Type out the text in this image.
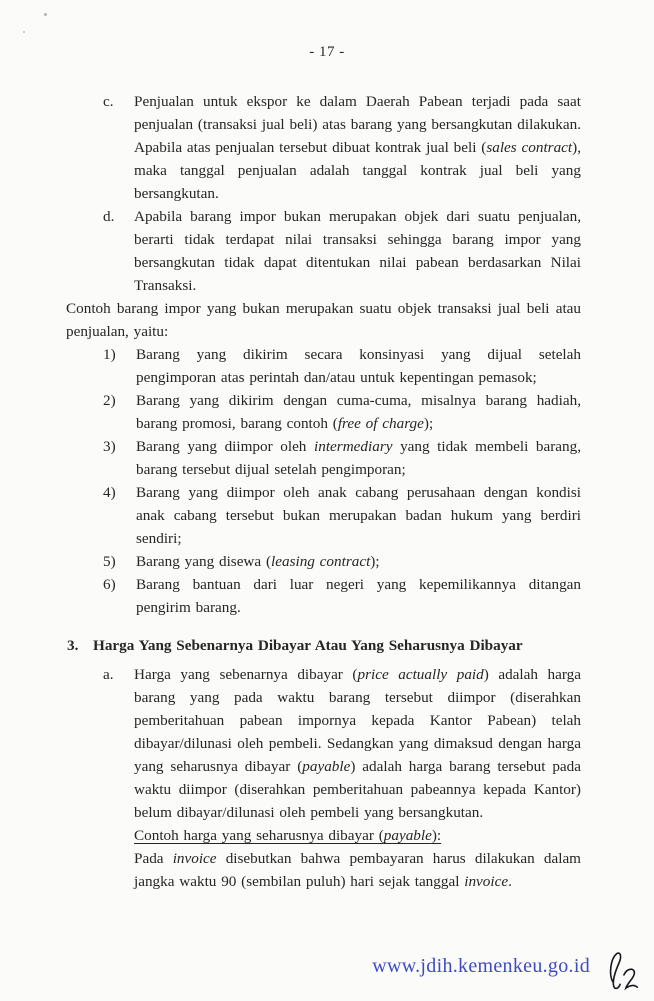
- 17 -
c. Penjualan untuk ekspor ke dalam Daerah Pabean terjadi pada saat penjualan (transaksi jual beli) atas barang yang bersangkutan dilakukan. Apabila atas penjualan tersebut dibuat kontrak jual beli (sales contract), maka tanggal penjualan adalah tanggal kontrak jual beli yang bersangkutan.
d. Apabila barang impor bukan merupakan objek dari suatu penjualan, berarti tidak terdapat nilai transaksi sehingga barang impor yang bersangkutan tidak dapat ditentukan nilai pabean berdasarkan Nilai Transaksi.
Contoh barang impor yang bukan merupakan suatu objek transaksi jual beli atau penjualan, yaitu:
1) Barang yang dikirim secara konsinyasi yang dijual setelah pengimporan atas perintah dan/atau untuk kepentingan pemasok;
2) Barang yang dikirim dengan cuma-cuma, misalnya barang hadiah, barang promosi, barang contoh (free of charge);
3) Barang yang diimpor oleh intermediary yang tidak membeli barang, barang tersebut dijual setelah pengimporan;
4) Barang yang diimpor oleh anak cabang perusahaan dengan kondisi anak cabang tersebut bukan merupakan badan hukum yang berdiri sendiri;
5) Barang yang disewa (leasing contract);
6) Barang bantuan dari luar negeri yang kepemilikannya ditangan pengirim barang.
3. Harga Yang Sebenarnya Dibayar Atau Yang Seharusnya Dibayar
a. Harga yang sebenarnya dibayar (price actually paid) adalah harga barang yang pada waktu barang tersebut diimpor (diserahkan pemberitahuan pabean impornya kepada Kantor Pabean) telah dibayar/dilunasi oleh pembeli. Sedangkan yang dimaksud dengan harga yang seharusnya dibayar (payable) adalah harga barang tersebut pada waktu diimpor (diserahkan pemberitahuan pabeannya kepada Kantor) belum dibayar/dilunasi oleh pembeli yang bersangkutan.
Contoh harga yang seharusnya dibayar (payable):
Pada invoice disebutkan bahwa pembayaran harus dilakukan dalam jangka waktu 90 (sembilan puluh) hari sejak tanggal invoice.
www.jdih.kemenkeu.go.id
